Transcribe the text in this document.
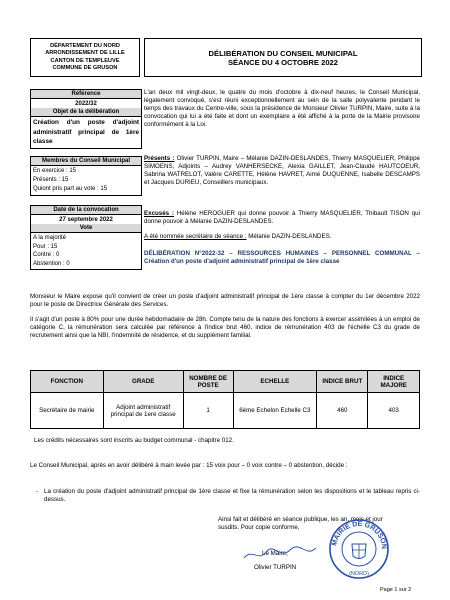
DÉPARTEMENT DU NORD
ARRONDISSEMENT DE LILLE
CANTON DE TEMPLEUVE
COMMUNE DE GRUSON
DÉLIBÉRATION DU CONSEIL MUNICIPAL
SÉANCE DU 4 OCTOBRE 2022
Référence
2022/32
Objet de la délibération
Création d'un poste d'adjoint administratif principal de 1ère classe
Membres du Conseil Municipal
En exercice : 15
Présents : 15
Quiont pris part au vote : 15
Date de la convocation
27 septembre 2022
Vote
A la majorité
Pour : 15
Contre : 0
Abstention : 0
L'an deux mil vingt-deux, le quatre du mois d'octobre à dix-neuf heures, le Conseil Municipal, légalement convoqué, s'est réuni exceptionnellement au sein de la salle polyvalente pendant le temps des travaux du Centre-ville, sous la présidence de Monsieur Olivier TURPIN, Maire, suite à la convocation qui lui a été faite et dont un exemplaire a été affiché à la porte de la Mairie provisoire conformément à la Loi.
Présents : Olivier TURPIN, Maire – Mélanie DAZIN-DESLANDES, Thierry MASQUELIER, Philippe SIMOENS, Adjoints – Audrey VANHERSECKE, Alexia GAILLET, Jean-Claude HAUTCOEUR, Sabrina WATRELOT, Valère CARETTE, Hélène HAVRET, Aimé DUQUENNE, Isabelle DESCAMPS et Jacques DURIEU, Conseillers municipaux.
Excusés : Hélène HEROGUER qui donne pouvoir à Thierry MASQUELIER, Thibault TISON qui donne pouvoir à Mélanie DAZIN-DESLANDES.
A été nommée secrétaire de séance : Mélanie DAZIN-DESLANDES.
DÉLIBÉRATION N°2022-32 – RESSOURCES HUMAINES – PERSONNEL COMMUNAL – Création d'un poste d'adjoint administratif principal de 1ère classe
Monsieur le Maire expose qu'il convient de créer un poste d'adjoint administratif principal de 1ère classe à compter du 1er décembre 2022 pour le poste de Directrice Générale des Services.
Il s'agit d'un poste à 80% pour une durée hebdomadaire de 28h. Compte tenu de la nature des fonctions à exercer assimilées à un emploi de catégorie C, la rémunération sera calculée par référence à l'indice brut 460, indice de rémunération 403 de l'échelle C3 du grade de recrutement ainsi que la NBI, l'indemnité de résidence, et du supplément familial.
FONCTION	GRADE	NOMBRE DE POSTE	ECHELLE	INDICE BRUT	INDICE MAJORE
Secrétaire de mairie	Adjoint administratif principal de 1ere classe	1	6ème Echelon Echelle C3	460	403
Les crédits nécessaires sont inscrits au budget communal - chapitre 012.
Le Conseil Municipal, après en avoir délibéré à main levée par : 15 voix pour – 0 voix contre – 0 abstention, décide :
- La création du poste d'adjoint administratif principal de 1ère classe et fixe la rémunération selon les dispositions et le tableau repris ci-dessus.
Ainsi fait et délibéré en séance publique, les an, mois et jour susdits. Pour copie conforme,
Le Maire,
Olivier TURPIN
MAIRIE DE GRUSON
(NORD)
Page 1 sur 2
